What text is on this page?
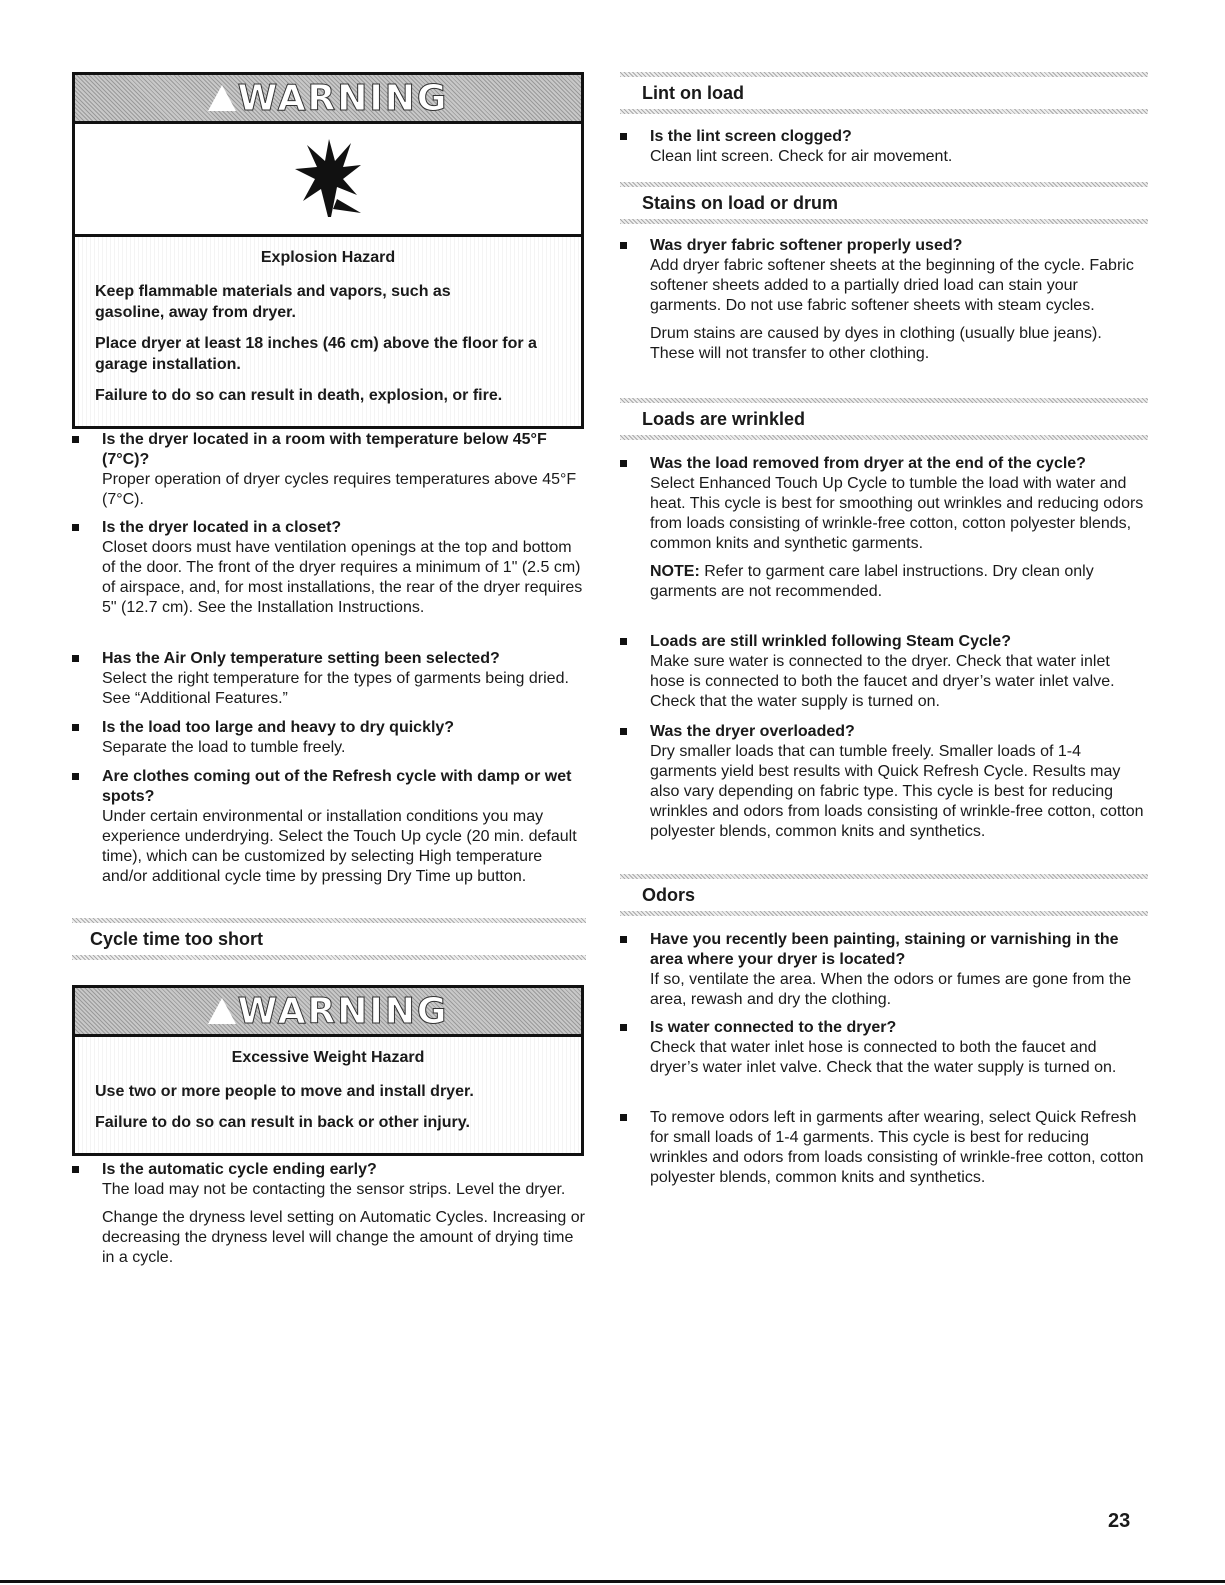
WARNING
Explosion Hazard
Keep flammable materials and vapors, such as gasoline, away from dryer.
Place dryer at least 18 inches (46 cm) above the floor for a garage installation.
Failure to do so can result in death, explosion, or fire.
Is the dryer located in a room with temperature below 45°F (7°C)?
Proper operation of dryer cycles requires temperatures above 45°F (7°C).
Is the dryer located in a closet?
Closet doors must have ventilation openings at the top and bottom of the door. The front of the dryer requires a minimum of 1" (2.5 cm) of airspace, and, for most installations, the rear of the dryer requires 5" (12.7 cm). See the Installation Instructions.
Has the Air Only temperature setting been selected?
Select the right temperature for the types of garments being dried. See “Additional Features.”
Is the load too large and heavy to dry quickly?
Separate the load to tumble freely.
Are clothes coming out of the Refresh cycle with damp or wet spots?
Under certain environmental or installation conditions you may experience underdrying. Select the Touch Up cycle (20 min. default time), which can be customized by selecting High temperature and/or additional cycle time by pressing Dry Time up button.
Cycle time too short
WARNING
Excessive Weight Hazard
Use two or more people to move and install dryer.
Failure to do so can result in back or other injury.
Is the automatic cycle ending early?
The load may not be contacting the sensor strips. Level the dryer.
Change the dryness level setting on Automatic Cycles. Increasing or decreasing the dryness level will change the amount of drying time in a cycle.
Lint on load
Is the lint screen clogged?
Clean lint screen. Check for air movement.
Stains on load or drum
Was dryer fabric softener properly used?
Add dryer fabric softener sheets at the beginning of the cycle. Fabric softener sheets added to a partially dried load can stain your garments. Do not use fabric softener sheets with steam cycles.
Drum stains are caused by dyes in clothing (usually blue jeans). These will not transfer to other clothing.
Loads are wrinkled
Was the load removed from dryer at the end of the cycle?
Select Enhanced Touch Up Cycle to tumble the load with water and heat. This cycle is best for smoothing out wrinkles and reducing odors from loads consisting of wrinkle-free cotton, cotton polyester blends, common knits and synthetic garments.
NOTE: Refer to garment care label instructions. Dry clean only garments are not recommended.
Loads are still wrinkled following Steam Cycle?
Make sure water is connected to the dryer. Check that water inlet hose is connected to both the faucet and dryer’s water inlet valve. Check that the water supply is turned on.
Was the dryer overloaded?
Dry smaller loads that can tumble freely. Smaller loads of 1-4 garments yield best results with Quick Refresh Cycle. Results may also vary depending on fabric type. This cycle is best for reducing wrinkles and odors from loads consisting of wrinkle-free cotton, cotton polyester blends, common knits and synthetics.
Odors
Have you recently been painting, staining or varnishing in the area where your dryer is located?
If so, ventilate the area. When the odors or fumes are gone from the area, rewash and dry the clothing.
Is water connected to the dryer?
Check that water inlet hose is connected to both the faucet and dryer’s water inlet valve. Check that the water supply is turned on.
To remove odors left in garments after wearing, select Quick Refresh for small loads of 1-4 garments. This cycle is best for reducing wrinkles and odors from loads consisting of wrinkle-free cotton, cotton polyester blends, common knits and synthetics.
23
